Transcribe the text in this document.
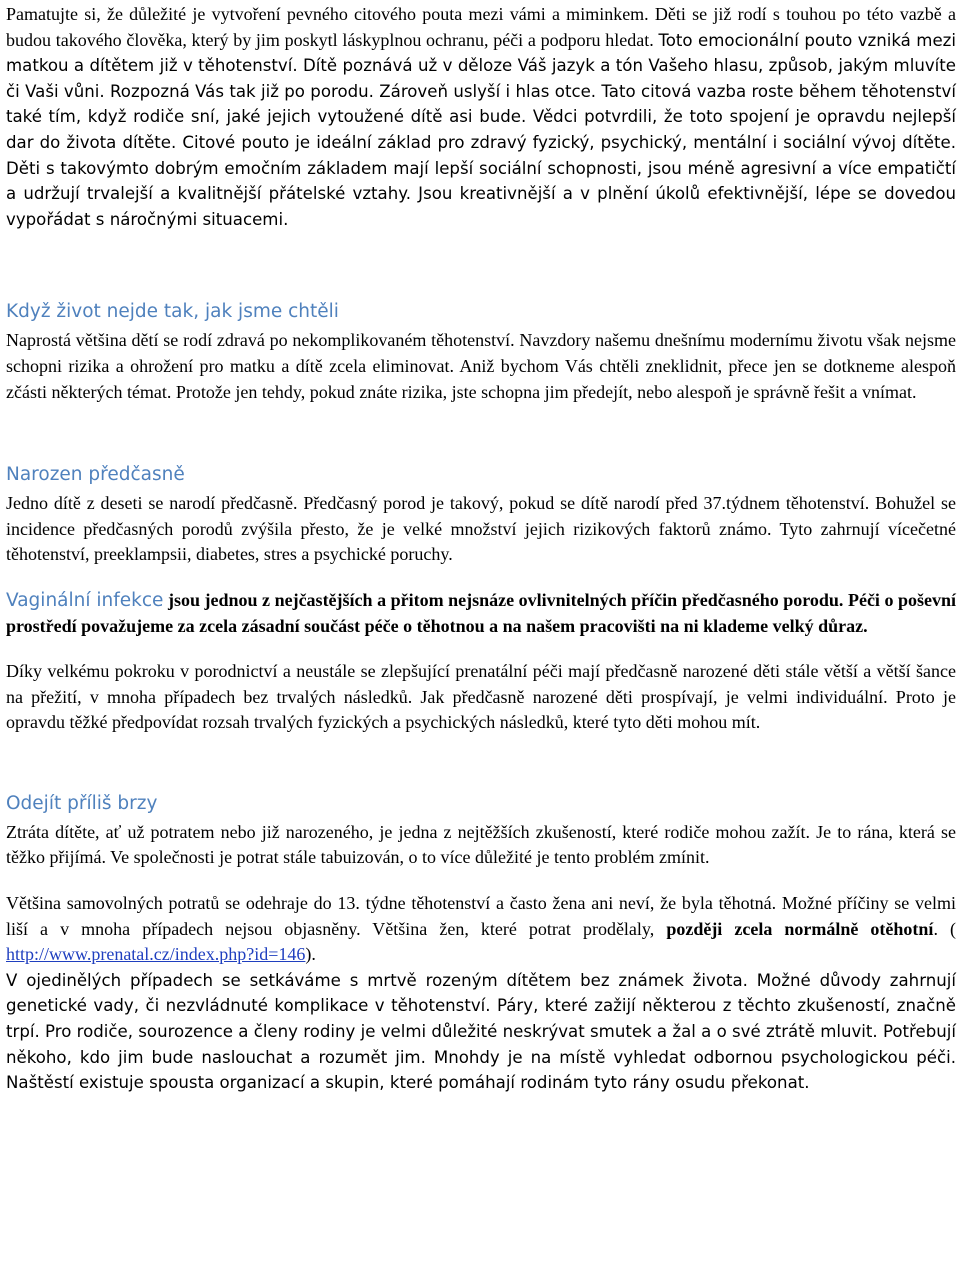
Pamatujte si, že důležité je vytvoření pevného citového pouta mezi vámi a miminkem. Děti se již rodí s touhou po této vazbě a budou takového člověka, který by jim poskytl láskyplnou ochranu, péči a podporu hledat. Toto emocionální pouto vzniká mezi matkou a dítětem již v těhotenství. Dítě poznává už v děloze Váš jazyk a tón Vašeho hlasu, způsob, jakým mluvíte či Vaši vůni. Rozpozná Vás tak již po porodu. Zároveň uslyší i hlas otce. Tato citová vazba roste během těhotenství také tím, když rodiče sní, jaké jejich vytoužené dítě asi bude. Vědci potvrdili, že toto spojení je opravdu nejlepší dar do života dítěte. Citové pouto je ideální základ pro zdravý fyzický, psychický, mentální i sociální vývoj dítěte. Děti s takovýmto dobrým emočním základem mají lepší sociální schopnosti, jsou méně agresivní a více empatičtí a udržují trvalejší a kvalitnější přátelské vztahy. Jsou kreativnější a v plnění úkolů efektivnější, lépe se dovedou vypořádat s náročnými situacemi.

Když život nejde tak, jak jsme chtěli

Naprostá většina dětí se rodí zdravá po nekomplikovaném těhotenství. Navzdory našemu dnešnímu modernímu životu však nejsme schopni rizika a ohrožení pro matku a dítě zcela eliminovat. Aniž bychom Vás chtěli zneklidnit, přece jen se dotkneme alespoň zčásti některých témat. Protože jen tehdy, pokud znáte rizika, jste schopna jim předejít, nebo alespoň je správně řešit a vnímat.

Narozen předčasně

Jedno dítě z deseti se narodí předčasně. Předčasný porod je takový, pokud se dítě narodí před 37.týdnem těhotenství. Bohužel se incidence předčasných porodů zvýšila přesto, že je velké množství jejich rizikových faktorů známo. Tyto zahrnují vícečetné těhotenství, preeklampsii, diabetes, stres a psychické poruchy.

Vaginální infekce jsou jednou z nejčastějších a přitom nejsnáze ovlivnitelných příčin předčasného porodu. Péči o poševní prostředí považujeme za zcela zásadní součást péče o těhotnou a na našem pracovišti na ni klademe velký důraz.

Díky velkému pokroku v porodnictví a neustále se zlepšující prenatální péči mají předčasně narozené děti stále větší a větší šance na přežití, v mnoha případech bez trvalých následků. Jak předčasně narozené děti prospívají, je velmi individuální. Proto je opravdu těžké předpovídat rozsah trvalých fyzických a psychických následků, které tyto děti mohou mít.

Odejít příliš brzy

Ztráta dítěte, ať už potratem nebo již narozeného, je jedna z nejtěžších zkušeností, které rodiče mohou zažít. Je to rána, která se těžko přijímá. Ve společnosti je potrat stále tabuizován, o to více důležité je tento problém zmínit.

Většina samovolných potratů se odehraje do 13. týdne těhotenství a často žena ani neví, že byla těhotná. Možné příčiny se velmi liší a v mnoha případech nejsou objasněny. Většina žen, které potrat prodělaly, později zcela normálně otěhotní. ( http://www.prenatal.cz/index.php?id=146).

V ojedinělých případech se setkáváme s mrtvě rozeným dítětem bez známek života. Možné důvody zahrnují genetické vady, či nezvládnuté komplikace v těhotenství. Páry, které zažijí některou z těchto zkušeností, značně trpí. Pro rodiče, sourozence a členy rodiny je velmi důležité neskrývat smutek a žal a o své ztrátě mluvit. Potřebují někoho, kdo jim bude naslouchat a rozumět jim. Mnohdy je na místě vyhledat odbornou psychologickou péči. Naštěstí existuje spousta organizací a skupin, které pomáhají rodinám tyto rány osudu překonat.
